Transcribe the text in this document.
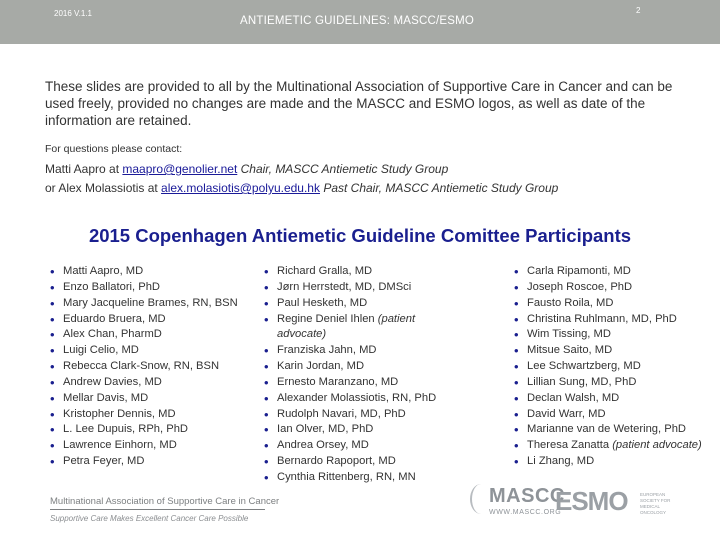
2016 V.1.1
ANTIEMETIC GUIDELINES: MASCC/ESMO
2

These slides are provided to all by the Multinational Association of Supportive Care in Cancer and can be used freely, provided no changes are made and the MASCC and ESMO logos, as well as date of the information are retained.

For questions please contact:

Matti Aapro at maapro@genolier.net Chair, MASCC Antiemetic Study Group

or Alex Molassiotis at alex.molasiotis@polyu.edu.hk Past Chair, MASCC Antiemetic Study Group

2015 Copenhagen Antiemetic Guideline Comittee Participants
• Matti Aapro, MD
• Enzo Ballatori, PhD
• Mary Jacqueline Brames, RN, BSN
• Eduardo Bruera, MD
• Alex Chan, PharmD
• Luigi Celio, MD
• Rebecca Clark-Snow, RN, BSN
• Andrew Davies, MD
• Mellar Davis, MD
• Kristopher Dennis, MD
• L. Lee Dupuis, RPh, PhD
• Lawrence Einhorn, MD
• Petra Feyer, MD
• Richard Gralla, MD
• Jørn Herrstedt, MD, DMSci
• Paul Hesketh, MD
• Regine Deniel Ihlen (patient advocate)
• Franziska Jahn, MD
• Karin Jordan, MD
• Ernesto Maranzano, MD
• Alexander Molassiotis, RN, PhD
• Rudolph Navari, MD, PhD
• Ian Olver, MD, PhD
• Andrea Orsey, MD
• Bernardo Rapoport, MD
• Cynthia Rittenberg, RN, MN
• Carla Ripamonti, MD
• Joseph Roscoe, PhD
• Fausto Roila, MD
• Christina Ruhlmann, MD, PhD
• Wim Tissing, MD
• Mitsue Saito, MD
• Lee Schwartzberg, MD
• Lillian Sung, MD, PhD
• Declan Walsh, MD
• David Warr, MD
• Marianne van de Wetering, PhD
• Theresa Zanatta (patient advocate)
• Li Zhang, MD
Multinational Association of Supportive Care in Cancer
Supportive Care Makes Excellent Cancer Care Possible
MASCC
WWW.MASCC.ORG
ESMO	EUROPEAN SOCIETY FOR MEDICAL ONCOLOGY
